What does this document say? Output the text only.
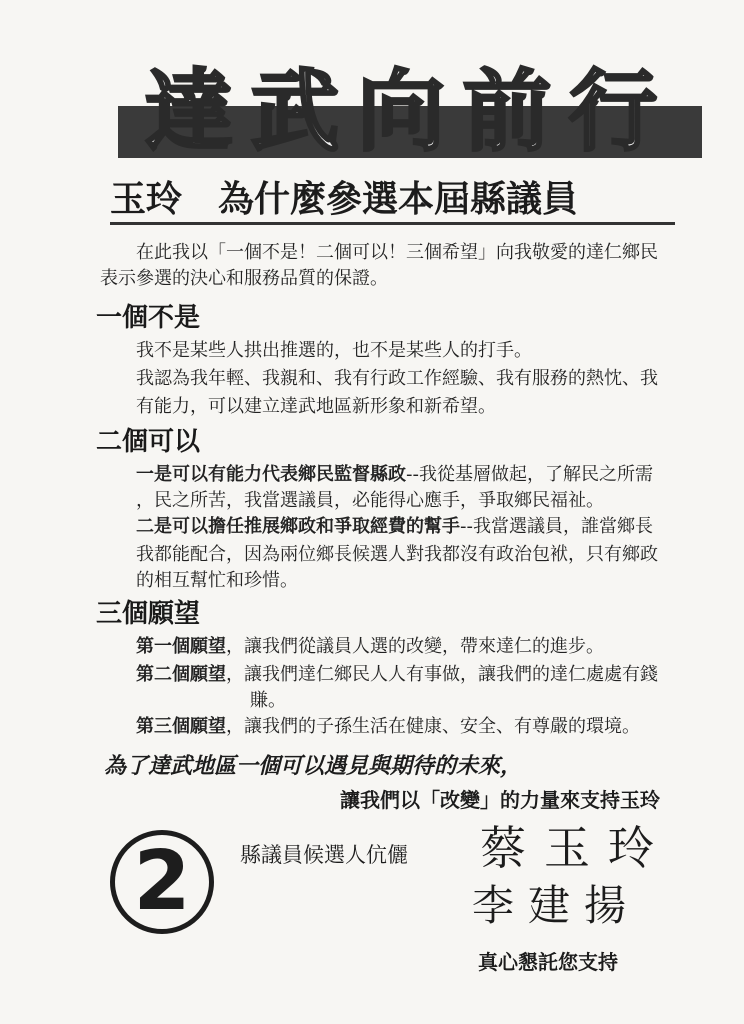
達武向前行
玉玲 為什麼參選本屆縣議員
在此我以「一個不是！二個可以！三個希望」向我敬愛的達仁鄉民
表示參選的決心和服務品質的保證。
一個不是
我不是某些人拱出推選的，也不是某些人的打手。
我認為我年輕、我親和、我有行政工作經驗、我有服務的熱忱、我
有能力，可以建立達武地區新形象和新希望。
二個可以
一是可以有能力代表鄉民監督縣政--我從基層做起，了解民之所需
，民之所苦，我當選議員，必能得心應手，爭取鄉民福祉。
二是可以擔任推展鄉政和爭取經費的幫手--我當選議員，誰當鄉長
我都能配合，因為兩位鄉長候選人對我都沒有政治包袱，只有鄉政
的相互幫忙和珍惜。
三個願望
第一個願望，讓我們從議員人選的改變，帶來達仁的進步。
第二個願望，讓我們達仁鄉民人人有事做，讓我們的達仁處處有錢
賺。
第三個願望，讓我們的子孫生活在健康、安全、有尊嚴的環境。
為了達武地區一個可以遇見與期待的未來，
讓我們以「改變」的力量來支持玉玲
2	縣議員候選人伉儷 蔡玉玲
李建揚
真心懇託您支持
